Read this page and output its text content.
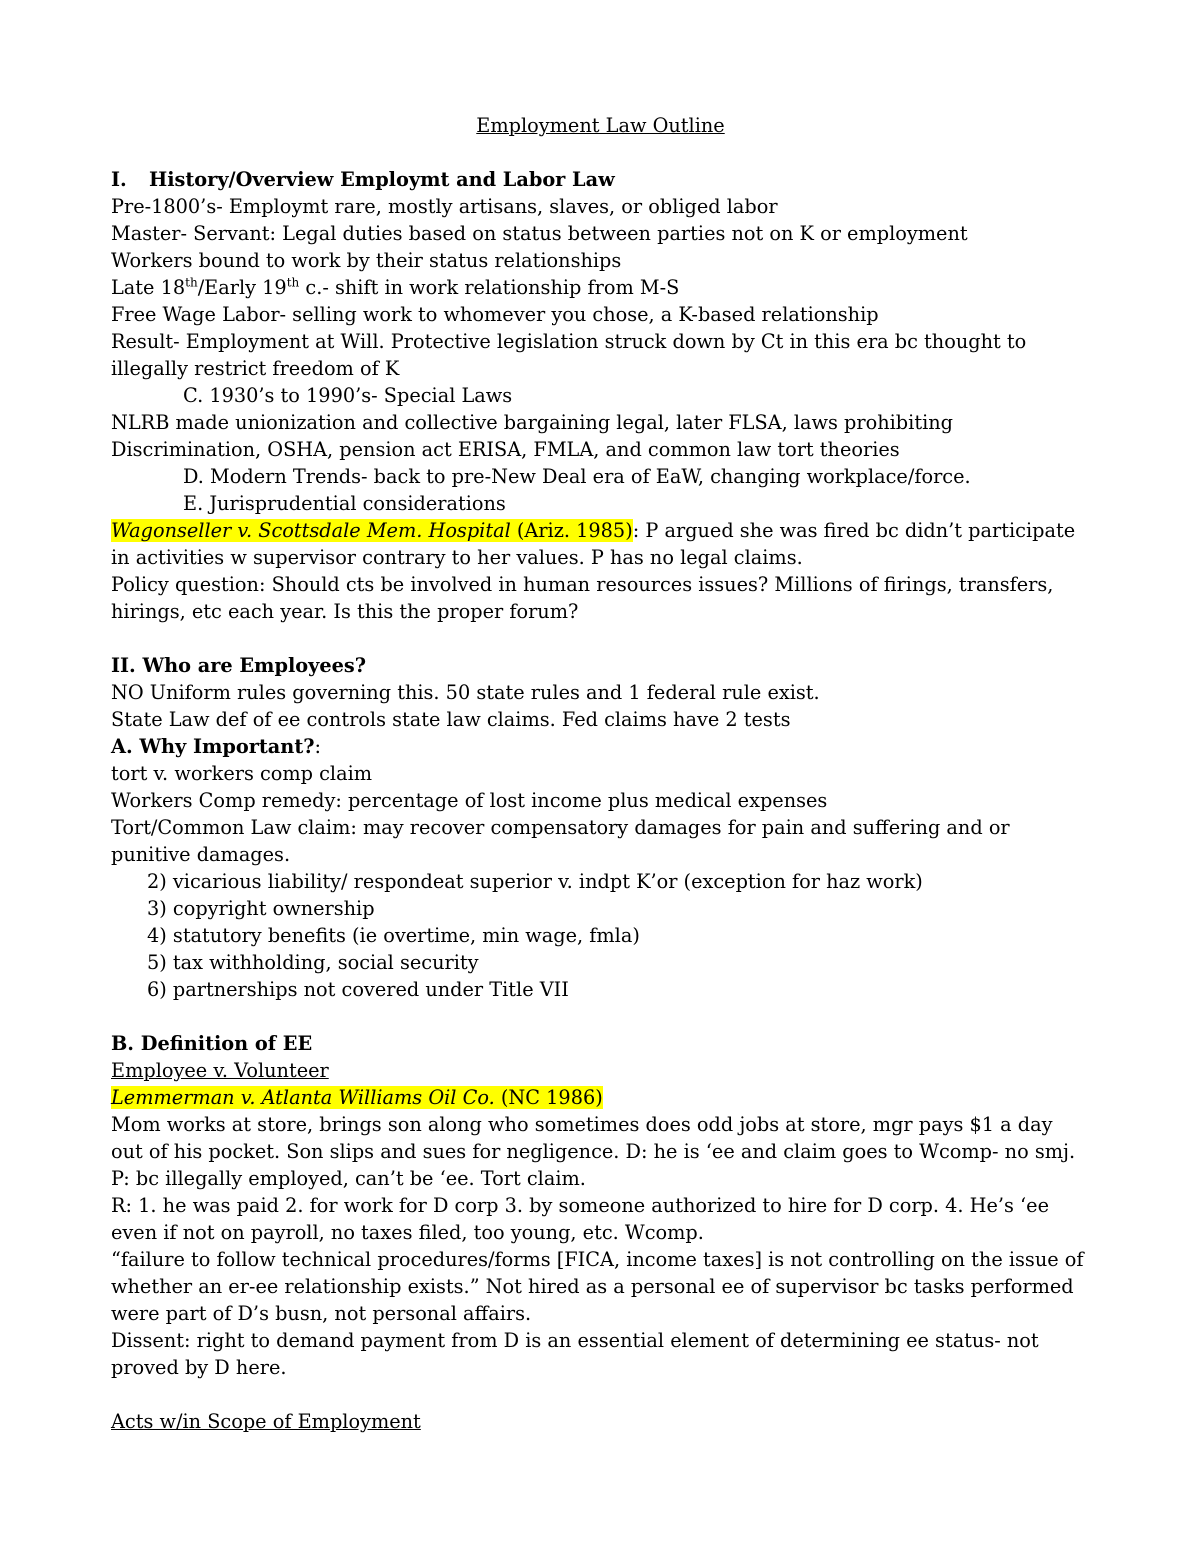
Employment Law Outline

I. History/Overview Employmt and Labor Law

Pre-1800’s- Employmt rare, mostly artisans, slaves, or obliged labor

Master- Servant: Legal duties based on status between parties not on K or employment

Workers bound to work by their status relationships

Late 18th/Early 19th c.- shift in work relationship from M-S

Free Wage Labor- selling work to whomever you chose, a K-based relationship

Result- Employment at Will. Protective legislation struck down by Ct in this era bc thought to illegally restrict freedom of K

C. 1930’s to 1990’s- Special Laws

NLRB made unionization and collective bargaining legal, later FLSA, laws prohibiting Discrimination, OSHA, pension act ERISA, FMLA, and common law tort theories

D. Modern Trends- back to pre-New Deal era of EaW, changing workplace/force.

E. Jurisprudential considerations

Wagonseller v. Scottsdale Mem. Hospital (Ariz. 1985): P argued she was fired bc didn’t participate in activities w supervisor contrary to her values. P has no legal claims.

Policy question: Should cts be involved in human resources issues? Millions of firings, transfers, hirings, etc each year. Is this the proper forum?

II. Who are Employees?

NO Uniform rules governing this. 50 state rules and 1 federal rule exist.

State Law def of ee controls state law claims. Fed claims have 2 tests

A. Why Important?:

tort v. workers comp claim

Workers Comp remedy: percentage of lost income plus medical expenses

Tort/Common Law claim: may recover compensatory damages for pain and suffering and or punitive damages.

2) vicarious liability/ respondeat superior v. indpt K’or (exception for haz work)

3) copyright ownership

4) statutory benefits (ie overtime, min wage, fmla)

5) tax withholding, social security

6) partnerships not covered under Title VII

B. Definition of EE

Employee v. Volunteer

Lemmerman v. Atlanta Williams Oil Co. (NC 1986)

Mom works at store, brings son along who sometimes does odd jobs at store, mgr pays $1 a day out of his pocket. Son slips and sues for negligence. D: he is ‘ee and claim goes to Wcomp- no smj. P: bc illegally employed, can’t be ‘ee. Tort claim.

R: 1. he was paid 2. for work for D corp 3. by someone authorized to hire for D corp. 4. He’s ‘ee even if not on payroll, no taxes filed, too young, etc. Wcomp.

“failure to follow technical procedures/forms [FICA, income taxes] is not controlling on the issue of whether an er-ee relationship exists.” Not hired as a personal ee of supervisor bc tasks performed were part of D’s busn, not personal affairs.

Dissent: right to demand payment from D is an essential element of determining ee status- not proved by D here.

Acts w/in Scope of Employment
